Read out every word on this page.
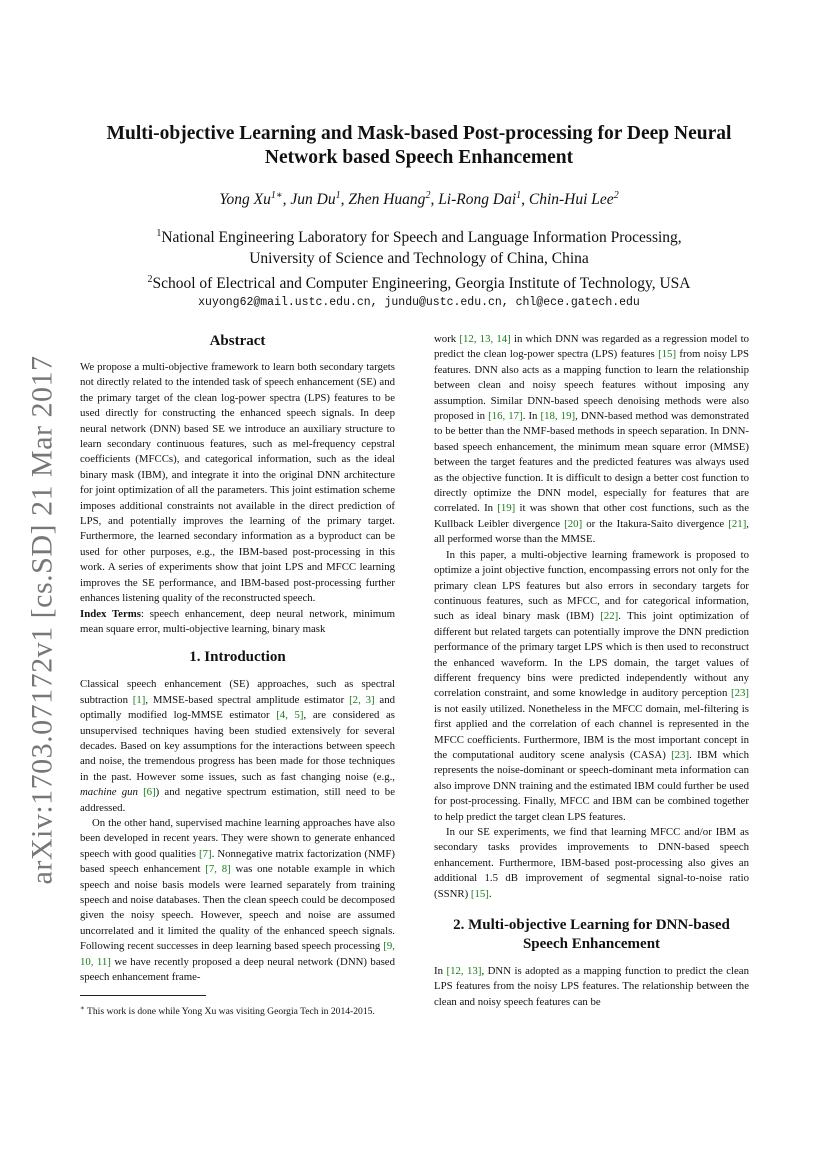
arXiv:1703.07172v1 [cs.SD] 21 Mar 2017
Multi-objective Learning and Mask-based Post-processing for Deep Neural Network based Speech Enhancement
Yong $Xu^{1∗}$, Jun Du$^1$, Zhen Huang$^2$, Li-Rong Dai$^1$, Chin-Hui Lee$^2$
$^1$National Engineering Laboratory for Speech and Language Information Processing,
University of Science and Technology of China, China
$^2$School of Electrical and Computer Engineering, Georgia Institute of Technology, USA
xuyong62@mail.ustc.edu.cn, jundu@ustc.edu.cn, chl@ece.gatech.edu
Abstract

We propose a multi-objective framework to learn both secondary targets not directly related to the intended task of speech enhancement (SE) and the primary target of the clean log-power spectra (LPS) features to be used directly for constructing the enhanced speech signals. In deep neural network (DNN) based SE we introduce an auxiliary structure to learn secondary continuous features, such as mel-frequency cepstral coefficients (MFCCs), and categorical information, such as the ideal binary mask (IBM), and integrate it into the original DNN architecture for joint optimization of all the parameters. This joint estimation scheme imposes additional constraints not available in the direct prediction of LPS, and potentially improves the learning of the primary target. Furthermore, the learned secondary information as a byproduct can be used for other purposes, e.g., the IBM-based post-processing in this work. A series of experiments show that joint LPS and MFCC learning improves the SE performance, and IBM-based post-processing further enhances listening quality of the reconstructed speech.

Index Terms: speech enhancement, deep neural network, minimum mean square error, multi-objective learning, binary mask

1. Introduction

Classical speech enhancement (SE) approaches, such as spectral subtraction [1], MMSE-based spectral amplitude estimator [2, 3] and optimally modified log-MMSE estimator [4, 5], are considered as unsupervised techniques having been studied extensively for several decades. Based on key assumptions for the interactions between speech and noise, the tremendous progress has been made for those techniques in the past. However some issues, such as fast changing noise (e.g., machine gun [6]) and negative spectrum estimation, still need to be addressed.

On the other hand, supervised machine learning approaches have also been developed in recent years. They were shown to generate enhanced speech with good qualities [7]. Nonnegative matrix factorization (NMF) based speech enhancement [7, 8] was one notable example in which speech and noise basis models were learned separately from training speech and noise databases. Then the clean speech could be decomposed given the noisy speech. However, speech and noise are assumed uncorrelated and it limited the quality of the enhanced speech signals. Following recent successes in deep learning based speech processing [9, 10, 11] we have recently proposed a deep neural network (DNN) based speech enhancement frame-

∗ This work is done while Yong Xu was visiting Georgia Tech in 2014-2015.

work [12, 13, 14] in which DNN was regarded as a regression model to predict the clean log-power spectra (LPS) features [15] from noisy LPS features. DNN also acts as a mapping function to learn the relationship between clean and noisy speech features without imposing any assumption. Similar DNN-based speech denoising methods were also proposed in [16, 17]. In [18, 19], DNN-based method was demonstrated to be better than the NMF-based methods in speech separation. In DNN-based speech enhancement, the minimum mean square error (MMSE) between the target features and the predicted features was always used as the objective function. It is difficult to design a better cost function to directly optimize the DNN model, especially for features that are correlated. In [19] it was shown that other cost functions, such as the Kullback Leibler divergence [20] or the Itakura-Saito divergence [21], all performed worse than the MMSE.

In this paper, a multi-objective learning framework is proposed to optimize a joint objective function, encompassing errors not only for the primary clean LPS features but also errors in secondary targets for continuous features, such as MFCC, and for categorical information, such as ideal binary mask (IBM) [22]. This joint optimization of different but related targets can potentially improve the DNN prediction performance of the primary target LPS which is then used to reconstruct the enhanced waveform. In the LPS domain, the target values of different frequency bins were predicted independently without any correlation constraint, and some knowledge in auditory perception [23] is not easily utilized. Nonetheless in the MFCC domain, mel-filtering is first applied and the correlation of each channel is represented in the MFCC coefficients. Furthermore, IBM is the most important concept in the computational auditory scene analysis (CASA) [23]. IBM which represents the noise-dominant or speech-dominant meta information can also improve DNN training and the estimated IBM could further be used for post-processing. Finally, MFCC and IBM can be combined together to help predict the target clean LPS features.

In our SE experiments, we find that learning MFCC and/or IBM as secondary tasks provides improvements to DNN-based speech enhancement. Furthermore, IBM-based post-processing also gives an additional 1.5 dB improvement of segmental signal-to-noise ratio (SSNR) [15].

2. Multi-objective Learning for DNN-based Speech Enhancement

In [12, 13], DNN is adopted as a mapping function to predict the clean LPS features from the noisy LPS features. The relationship between the clean and noisy speech features can be
